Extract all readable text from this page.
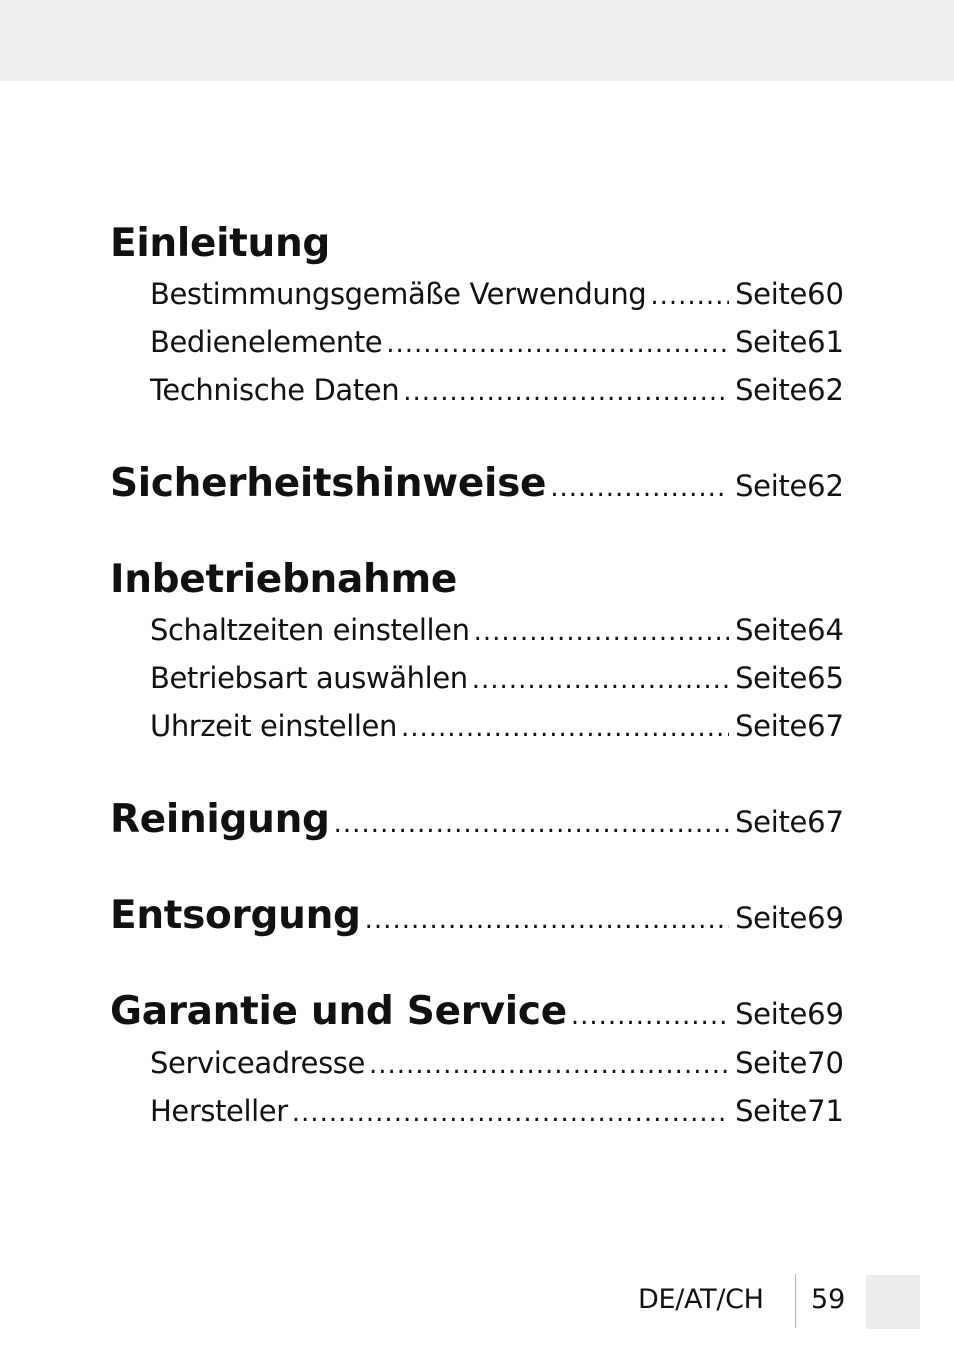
Einleitung
Bestimmungsgemäße Verwendung .....	Seite 60
Bedienelemente .....	Seite 61
Technische Daten .....	Seite 62
Sicherheitshinweise .....	Seite 62
Inbetriebnahme
Schaltzeiten einstellen .....	Seite 64
Betriebsart auswählen .....	Seite 65
Uhrzeit einstellen .....	Seite 67
Reinigung .....	Seite 67
Entsorgung .....	Seite 69
Garantie und Service .....	Seite 69
Serviceadresse .....	Seite 70
Hersteller .....	Seite 71
DE/AT/CH 59
